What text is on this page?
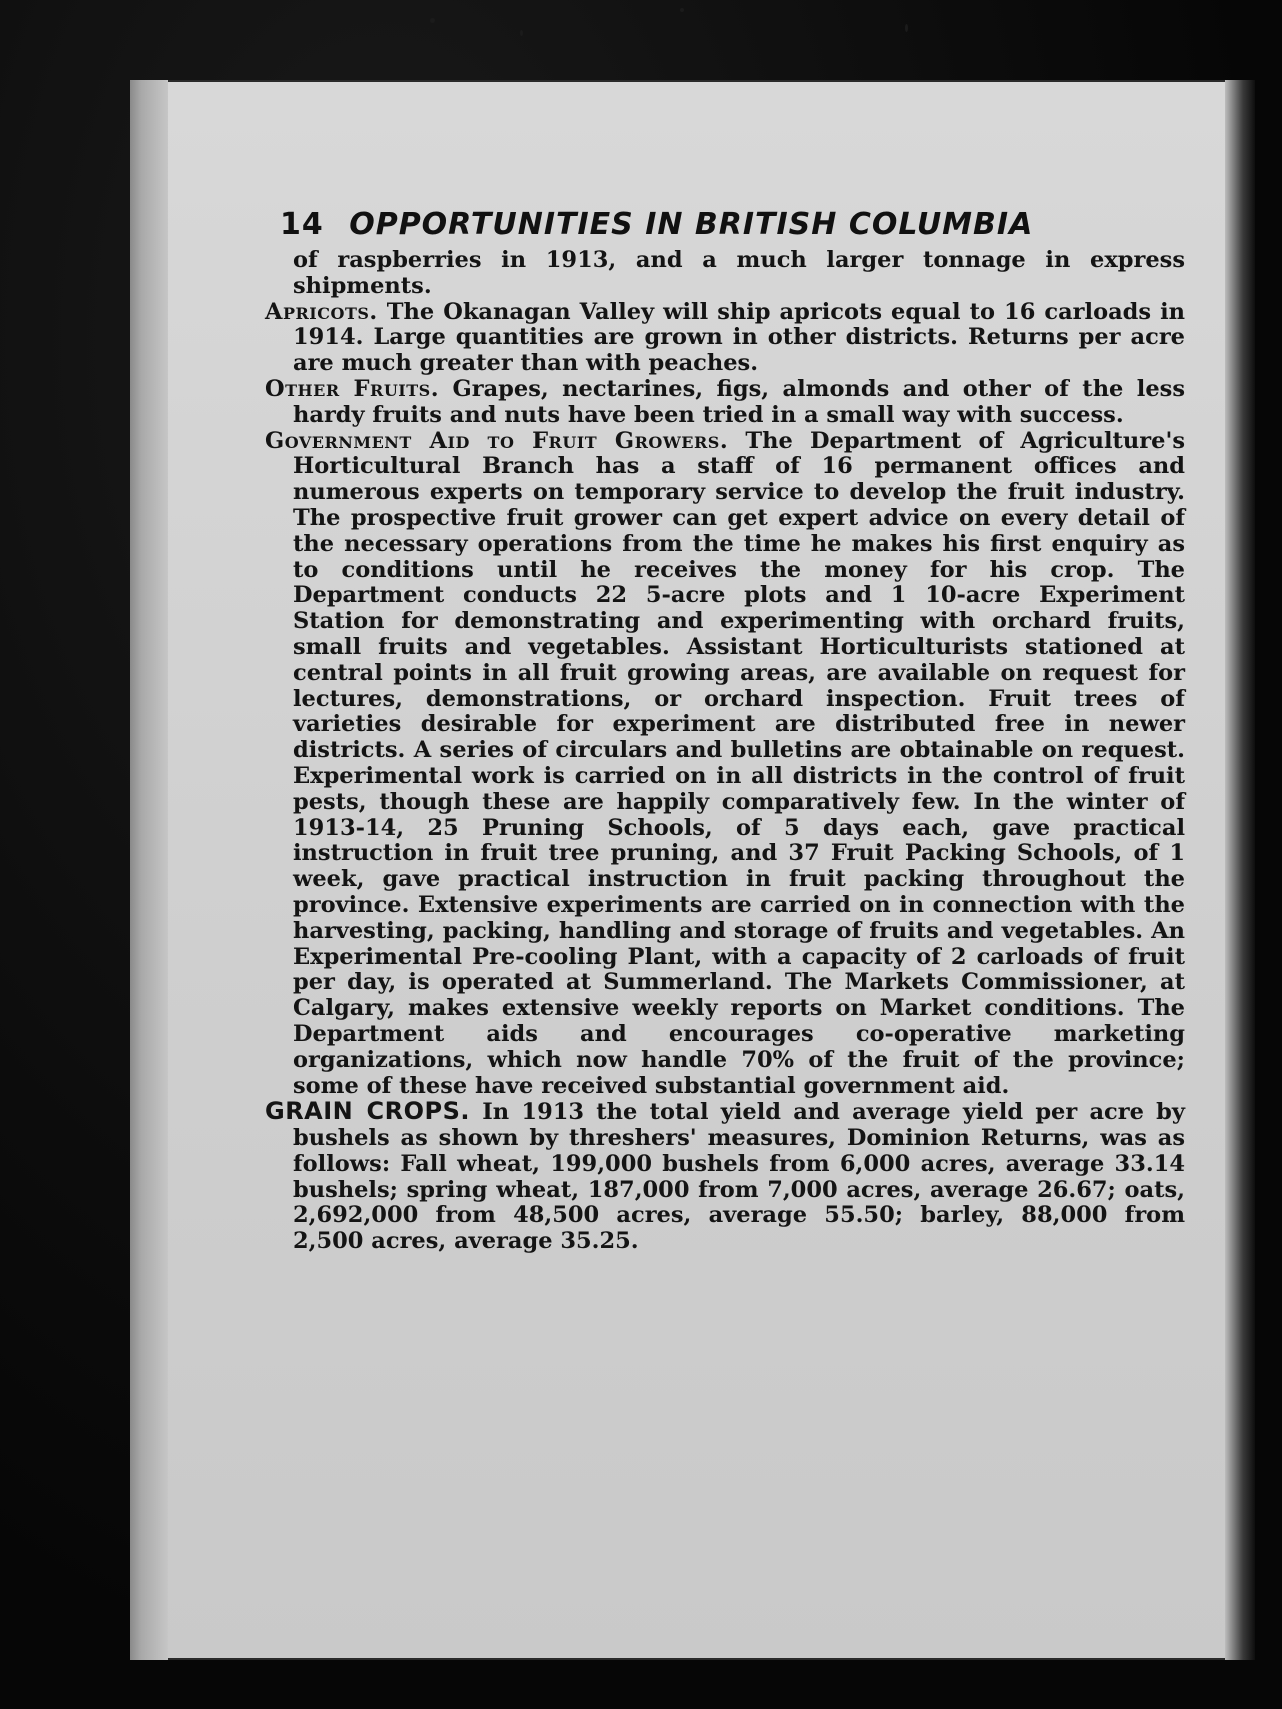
14 OPPORTUNITIES IN BRITISH COLUMBIA

of raspberries in 1913, and a much larger tonnage in express shipments.

Apricots. The Okanagan Valley will ship apricots equal to 16 carloads in 1914. Large quantities are grown in other districts. Returns per acre are much greater than with peaches.

Other Fruits. Grapes, nectarines, figs, almonds and other of the less hardy fruits and nuts have been tried in a small way with success.

Government Aid to Fruit Growers. The Department of Agriculture's Horticultural Branch has a staff of 16 permanent offices and numerous experts on temporary service to develop the fruit industry. The prospective fruit grower can get expert advice on every detail of the necessary operations from the time he makes his first enquiry as to conditions until he receives the money for his crop. The Department conducts 22 5-acre plots and 1 10-acre Experiment Station for demonstrating and experimenting with orchard fruits, small fruits and vegetables. Assistant Horticulturists stationed at central points in all fruit growing areas, are available on request for lectures, demonstrations, or orchard inspection. Fruit trees of varieties desirable for experiment are distributed free in newer districts. A series of circulars and bulletins are obtainable on request. Experimental work is carried on in all districts in the control of fruit pests, though these are happily comparatively few. In the winter of 1913-14, 25 Pruning Schools, of 5 days each, gave practical instruction in fruit tree pruning, and 37 Fruit Packing Schools, of 1 week, gave practical instruction in fruit packing throughout the province. Extensive experiments are carried on in connection with the harvesting, packing, handling and storage of fruits and vegetables. An Experimental Pre-cooling Plant, with a capacity of 2 carloads of fruit per day, is operated at Summerland. The Markets Commissioner, at Calgary, makes extensive weekly reports on Market conditions. The Department aids and encourages co-operative marketing organizations, which now handle 70% of the fruit of the province; some of these have received substantial government aid.

GRAIN CROPS. In 1913 the total yield and average yield per acre by bushels as shown by threshers' measures, Dominion Returns, was as follows: Fall wheat, 199,000 bushels from 6,000 acres, average 33.14 bushels; spring wheat, 187,000 from 7,000 acres, average 26.67; oats, 2,692,000 from 48,500 acres, average 55.50; barley, 88,000 from 2,500 acres, average 35.25.
